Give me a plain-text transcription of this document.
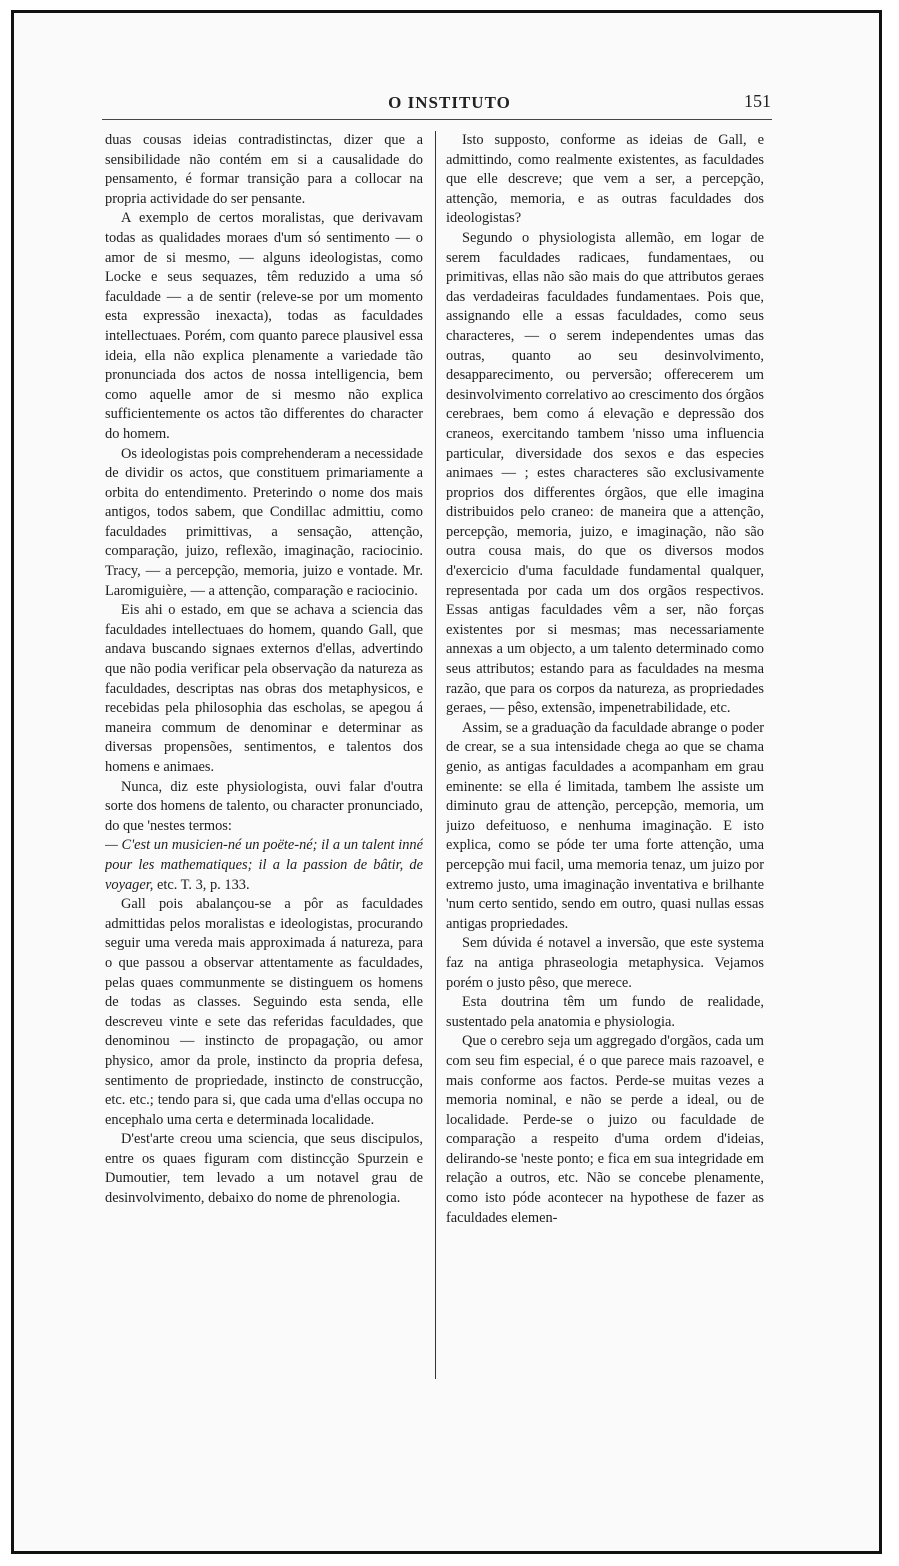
O INSTITUTO	151

duas cousas ideias contradistinctas, dizer que a sensibilidade não contém em si a causalidade do pensamento, é formar transição para a collocar na propria actividade do ser pensante.

A exemplo de certos moralistas, que derivavam todas as qualidades moraes d'um só sentimento — o amor de si mesmo, — alguns ideologistas, como Locke e seus sequazes, têm reduzido a uma só faculdade — a de sentir (releve-se por um momento esta expressão inexacta), todas as faculdades intellectuaes. Porém, com quanto parece plausivel essa ideia, ella não explica plenamente a variedade tão pronunciada dos actos de nossa intelligencia, bem como aquelle amor de si mesmo não explica sufficientemente os actos tão differentes do character do homem.

Os ideologistas pois comprehenderam a necessidade de dividir os actos, que constituem primariamente a orbita do entendimento. Preterindo o nome dos mais antigos, todos sabem, que Condillac admittiu, como faculdades primittivas, a sensação, attenção, comparação, juizo, reflexão, imaginação, raciocinio. Tracy, — a percepção, memoria, juizo e vontade. Mr. Laromiguière, — a attenção, comparação e raciocinio.

Eis ahi o estado, em que se achava a sciencia das faculdades intellectuaes do homem, quando Gall, que andava buscando signaes externos d'ellas, advertindo que não podia verificar pela observação da natureza as faculdades, descriptas nas obras dos metaphysicos, e recebidas pela philosophia das escholas, se apegou á maneira commum de denominar e determinar as diversas propensões, sentimentos, e talentos dos homens e animaes.

Nunca, diz este physiologista, ouvi falar d'outra sorte dos homens de talento, ou character pronunciado, do que 'nestes termos:

— C'est un musicien-né un poëte-né; il a un talent inné pour les mathematiques; il a la passion de bâtir, de voyager, etc. T. 3, p. 133.

Gall pois abalançou-se a pôr as faculdades admittidas pelos moralistas e ideologistas, procurando seguir uma vereda mais approximada á natureza, para o que passou a observar attentamente as faculdades, pelas quaes communmente se distinguem os homens de todas as classes. Seguindo esta senda, elle descreveu vinte e sete das referidas faculdades, que denominou — instincto de propagação, ou amor physico, amor da prole, instincto da propria defesa, sentimento de propriedade, instincto de construcção, etc. etc.; tendo para si, que cada uma d'ellas occupa no encephalo uma certa e determinada localidade.

D'est'arte creou uma sciencia, que seus discipulos, entre os quaes figuram com distincção Spurzein e Dumoutier, tem levado a um notavel grau de desinvolvimento, debaixo do nome de phrenologia.

Isto supposto, conforme as ideias de Gall, e admittindo, como realmente existentes, as faculdades que elle descreve; que vem a ser, a percepção, attenção, memoria, e as outras faculdades dos ideologistas?

Segundo o physiologista allemão, em logar de serem faculdades radicaes, fundamentaes, ou primitivas, ellas não são mais do que attributos geraes das verdadeiras faculdades fundamentaes. Pois que, assignando elle a essas faculdades, como seus characteres, — o serem independentes umas das outras, quanto ao seu desinvolvimento, desapparecimento, ou perversão; offerecerem um desinvolvimento correlativo ao crescimento dos órgãos cerebraes, bem como á elevação e depressão dos craneos, exercitando tambem 'nisso uma influencia particular, diversidade dos sexos e das especies animaes — ; estes characteres são exclusivamente proprios dos differentes órgãos, que elle imagina distribuidos pelo craneo: de maneira que a attenção, percepção, memoria, juizo, e imaginação, não são outra cousa mais, do que os diversos modos d'exercicio d'uma faculdade fundamental qualquer, representada por cada um dos orgãos respectivos. Essas antigas faculdades vêm a ser, não forças existentes por si mesmas; mas necessariamente annexas a um objecto, a um talento determinado como seus attributos; estando para as faculdades na mesma razão, que para os corpos da natureza, as propriedades geraes, — pêso, extensão, impenetrabilidade, etc.

Assim, se a graduação da faculdade abrange o poder de crear, se a sua intensidade chega ao que se chama genio, as antigas faculdades a acompanham em grau eminente: se ella é limitada, tambem lhe assiste um diminuto grau de attenção, percepção, memoria, um juizo defeituoso, e nenhuma imaginação. E isto explica, como se póde ter uma forte attenção, uma percepção mui facil, uma memoria tenaz, um juizo por extremo justo, uma imaginação inventativa e brilhante 'num certo sentido, sendo em outro, quasi nullas essas antigas propriedades.

Sem dúvida é notavel a inversão, que este systema faz na antiga phraseologia metaphysica. Vejamos porém o justo pêso, que merece.

Esta doutrina têm um fundo de realidade, sustentado pela anatomia e physiologia.

Que o cerebro seja um aggregado d'orgãos, cada um com seu fim especial, é o que parece mais razoavel, e mais conforme aos factos. Perde-se muitas vezes a memoria nominal, e não se perde a ideal, ou de localidade. Perde-se o juizo ou faculdade de comparação a respeito d'uma ordem d'ideias, delirando-se 'neste ponto; e fica em sua integridade em relação a outros, etc. Não se concebe plenamente, como isto póde acontecer na hypothese de fazer as faculdades elemen-
